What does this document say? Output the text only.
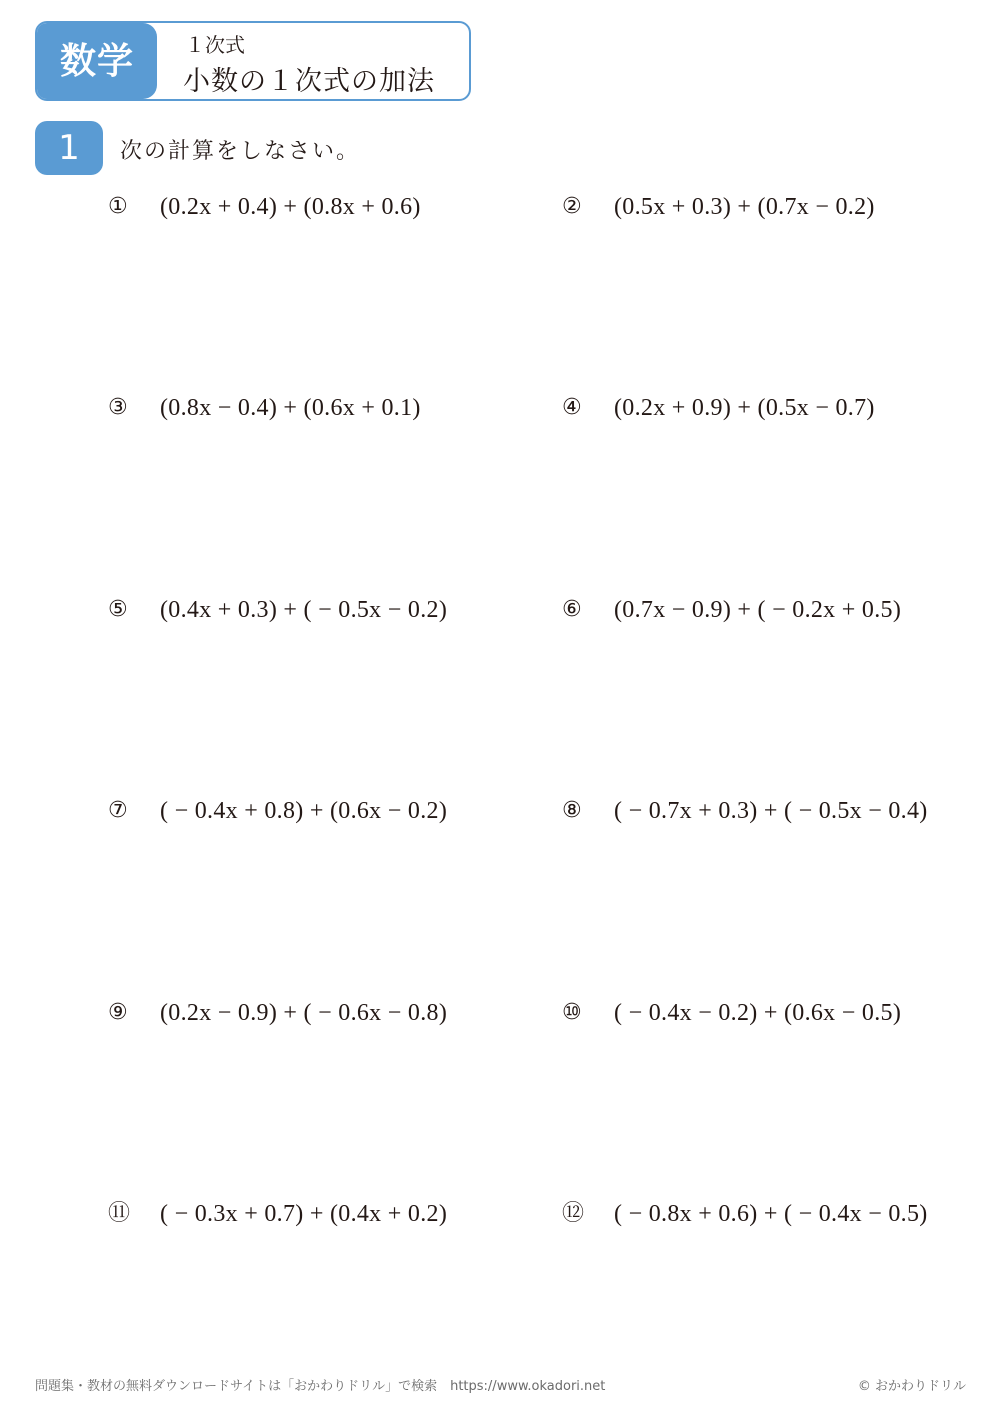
数学	１次式
小数の１次式の加法
1	次の計算をしなさい。
① (0.2x + 0.4) + (0.8x + 0.6)	② (0.5x + 0.3) + (0.7x − 0.2)
③ (0.8x − 0.4) + (0.6x + 0.1)	④ (0.2x + 0.9) + (0.5x − 0.7)
⑤ (0.4x + 0.3) + ( − 0.5x − 0.2)	⑥ (0.7x − 0.9) + ( − 0.2x + 0.5)
⑦ ( − 0.4x + 0.8) + (0.6x − 0.2)	⑧ ( − 0.7x + 0.3) + ( − 0.5x − 0.4)
⑨ (0.2x − 0.9) + ( − 0.6x − 0.8)	⑩ ( − 0.4x − 0.2) + (0.6x − 0.5)
⑪ ( − 0.3x + 0.7) + (0.4x + 0.2)	⑫ ( − 0.8x + 0.6) + ( − 0.4x − 0.5)
問題集・教材の無料ダウンロードサイトは「おかわりドリル」で検索　https://www.okadori.net	© おかわりドリル
